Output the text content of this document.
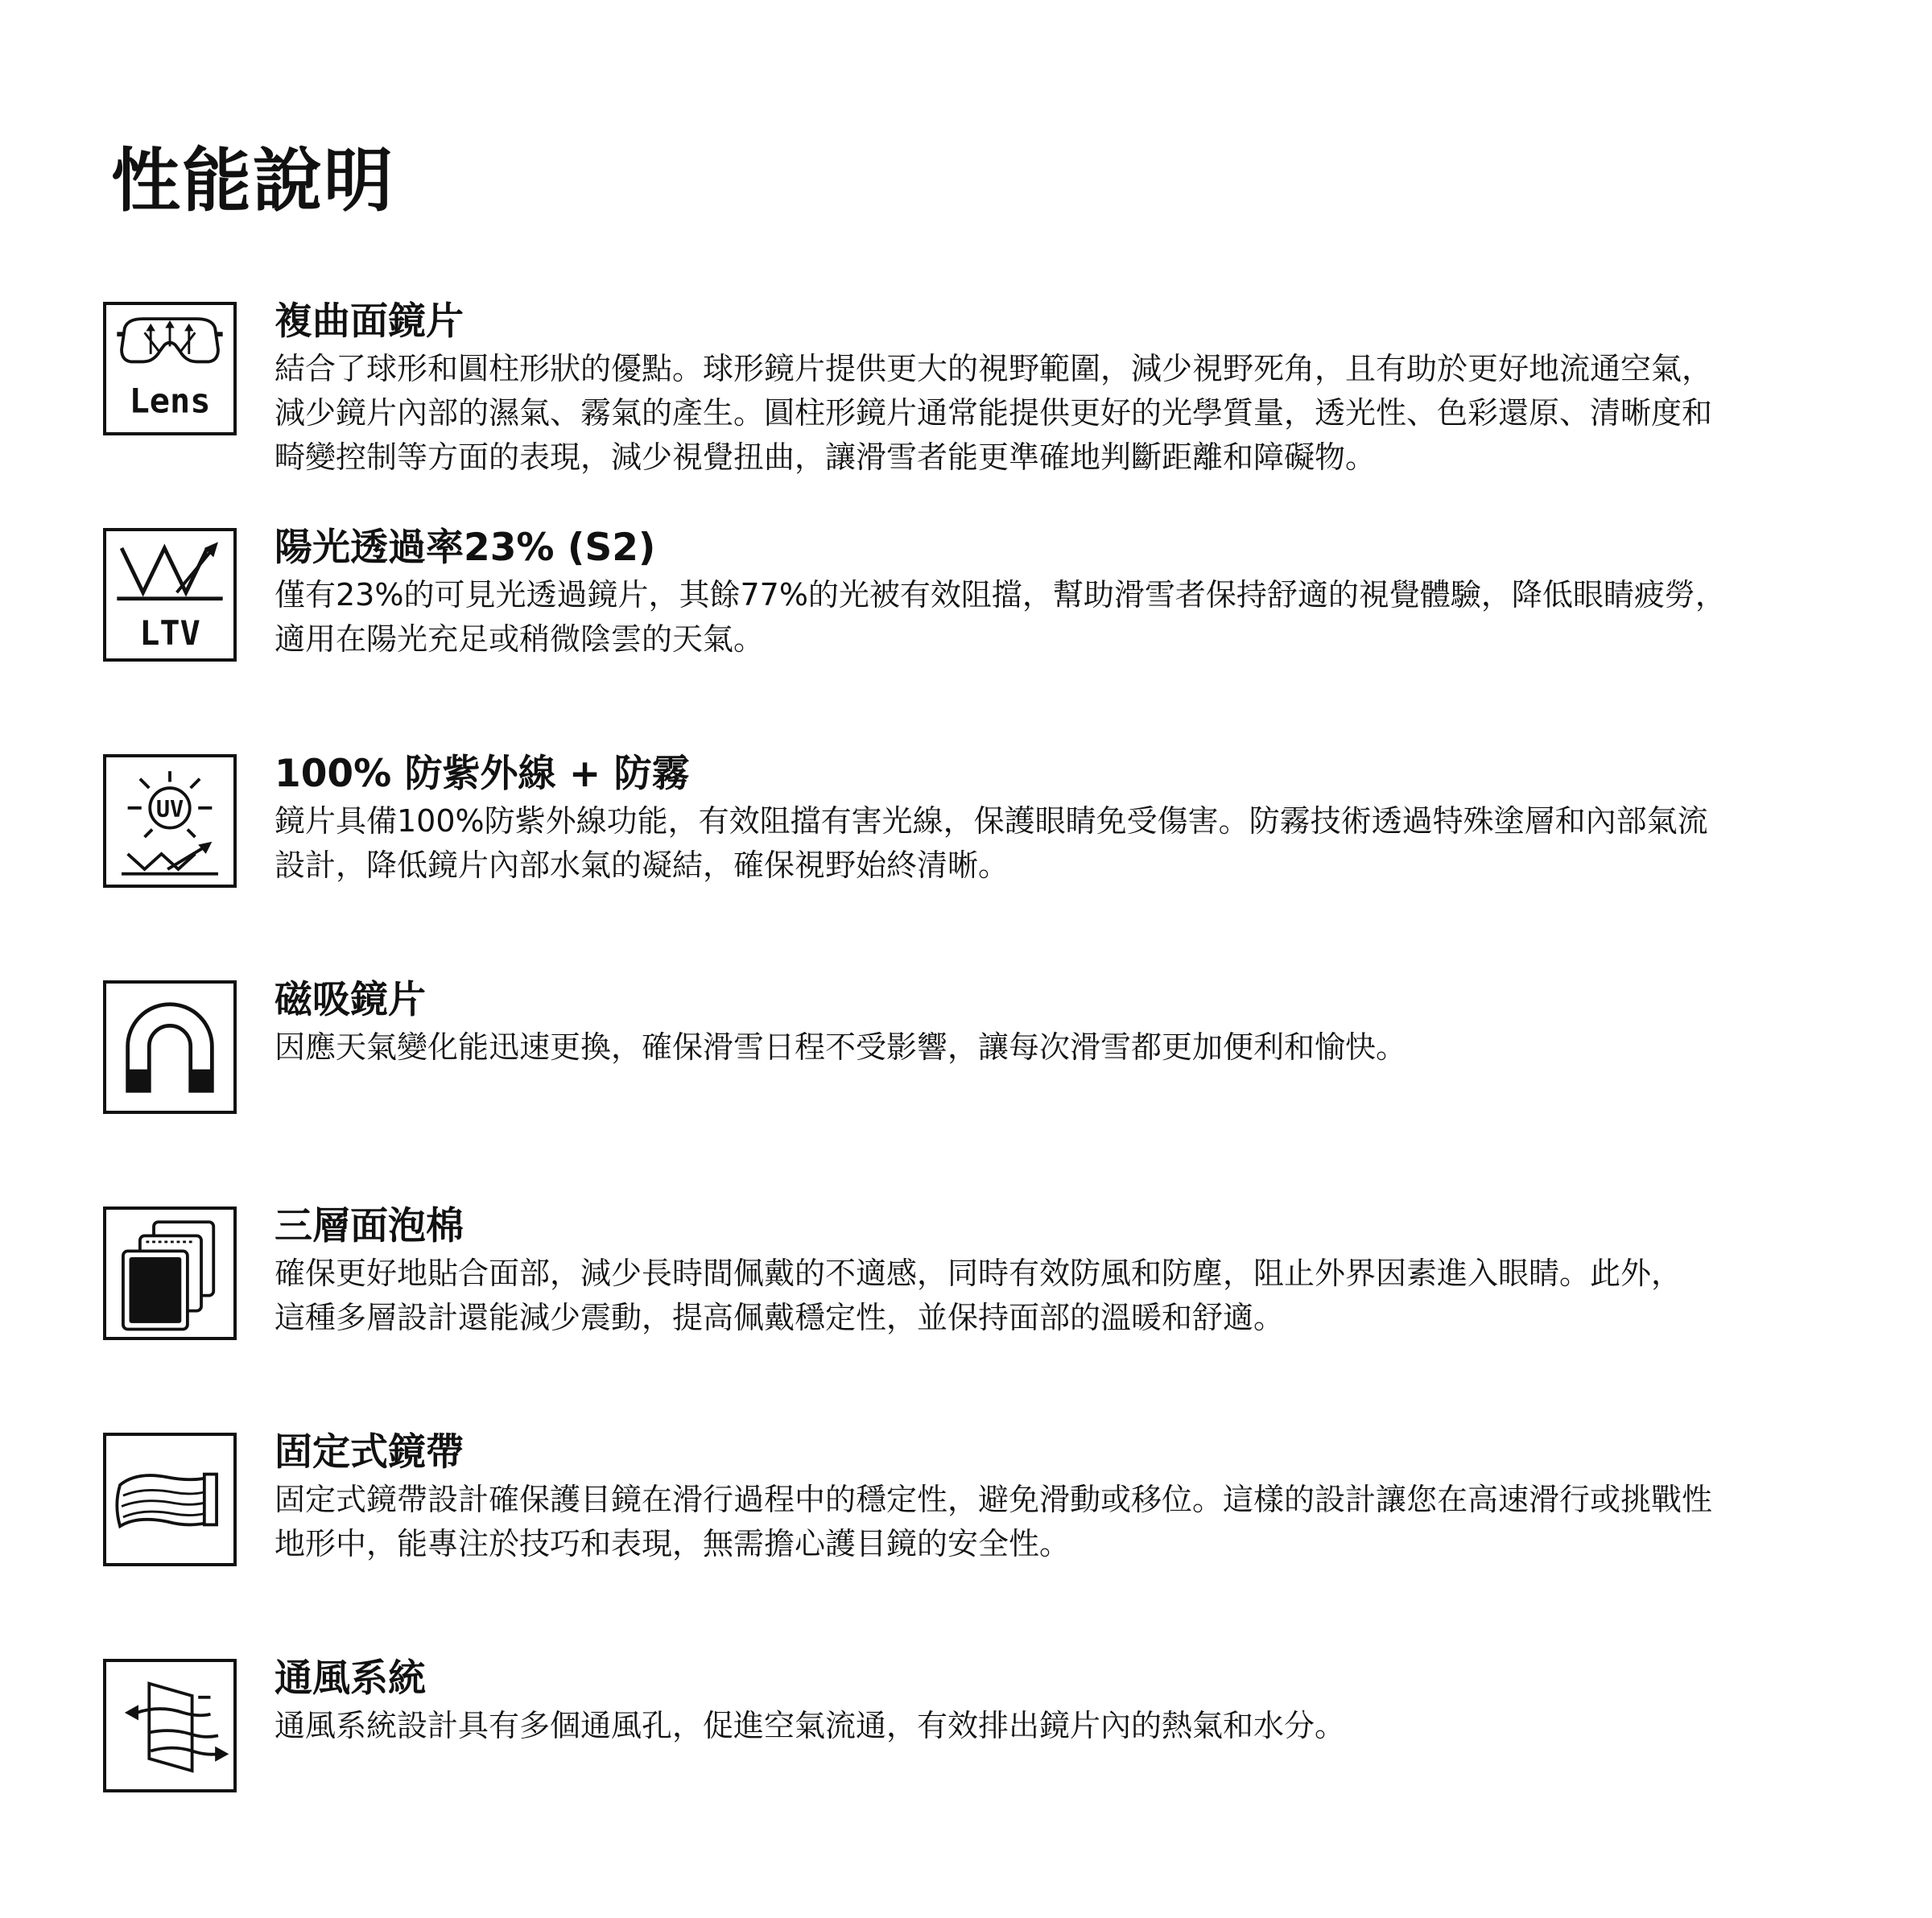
性能說明
Lens
複曲面鏡片

結合了球形和圓柱形狀的優點。球形鏡片提供更大的視野範圍，減少視野死角，且有助於更好地流通空氣，
減少鏡片內部的濕氣、霧氣的產生。圓柱形鏡片通常能提供更好的光學質量，透光性、色彩還原、清晰度和
畸變控制等方面的表現，減少視覺扭曲，讓滑雪者能更準確地判斷距離和障礙物。

LTV
陽光透過率23% (S2)

僅有23%的可見光透過鏡片，其餘77%的光被有效阻擋，幫助滑雪者保持舒適的視覺體驗，降低眼睛疲勞，
適用在陽光充足或稍微陰雲的天氣。

UV
100% 防紫外線 + 防霧

鏡片具備100%防紫外線功能，有效阻擋有害光線，保護眼睛免受傷害。防霧技術透過特殊塗層和內部氣流
設計，降低鏡片內部水氣的凝結，確保視野始終清晰。

磁吸鏡片

因應天氣變化能迅速更換，確保滑雪日程不受影響，讓每次滑雪都更加便利和愉快。

三層面泡棉

確保更好地貼合面部，減少長時間佩戴的不適感，同時有效防風和防塵，阻止外界因素進入眼睛。此外，
這種多層設計還能減少震動，提高佩戴穩定性，並保持面部的溫暖和舒適。

固定式鏡帶

固定式鏡帶設計確保護目鏡在滑行過程中的穩定性，避免滑動或移位。這樣的設計讓您在高速滑行或挑戰性
地形中，能專注於技巧和表現，無需擔心護目鏡的安全性。

通風系統

通風系統設計具有多個通風孔，促進空氣流通，有效排出鏡片內的熱氣和水分。
